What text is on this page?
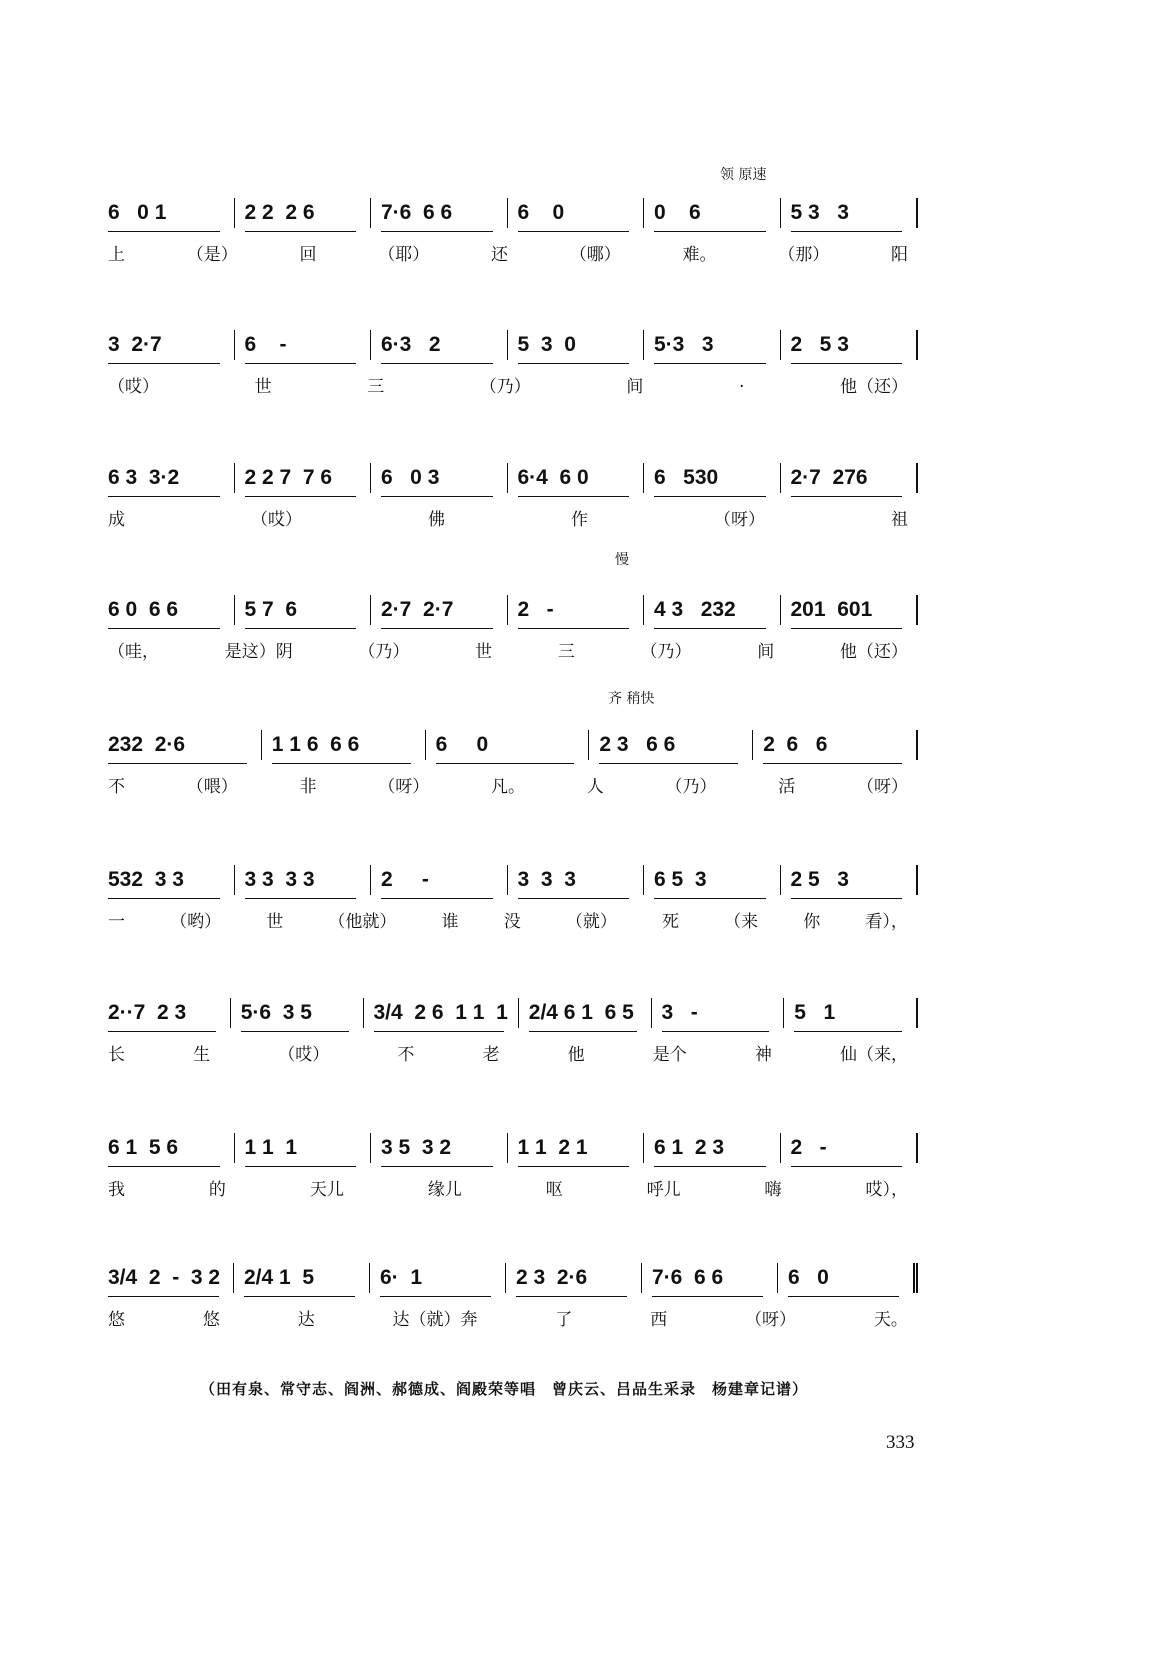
领 原速
6   0 1	2 2  2 6	7·6  6 6	6    0	0    6	5 3   3
上	（是）	回	（耶）	还	（哪）	难。	（那）	阳
3  2·7	6    -	6·3   2	5  3  0	5·3   3	2   5 3
（哎）	世	三	（乃）	间	.	他（还）
6 3  3·2	2 2 7  7 6	6   0 3	6·4  6 0	6   530	2·7  276
成	（哎）	佛	作	（呀）	祖
慢
6 0  6 6	5 7  6	2·7  2·7	2   -	4 3   232	201  601
（哇，	是这）阴	（乃）	世	三	（乃）	间	他（还）
齐 稍快
232  2·6	1 1 6  6 6	6     0	2 3   6 6	2  6   6
不	（喂）	非	（呀）	凡。	人	（乃）	活	（呀）
532  3 3	3 3  3 3	2     -	3  3  3	6 5  3	2 5   3
一	（哟）	世	（他就）	谁	没	（就）	死	（来	你	看），
2··7  2 3	5·6  3 5	3/4  2 6  1 1  1	2/4 6 1  6 5	3   -	5   1
长	生	（哎）	不	老	他	是个	神	仙（来，
6 1  5 6	1 1  1	3 5  3 2	1 1  2 1	6 1  2 3	2   -
我	的	天儿	缘儿	呕	呼儿	嗨	哎），
3/4  2  -  3 2	2/4 1  5	6·  1	2 3  2·6	7·6  6 6	6   0
悠	悠	达	达（就）奔	了	西	（呀）	天。
（田有泉、常守志、阎洲、郝德成、阎殿荣等唱　曾庆云、吕品生采录　杨建章记谱）
333
